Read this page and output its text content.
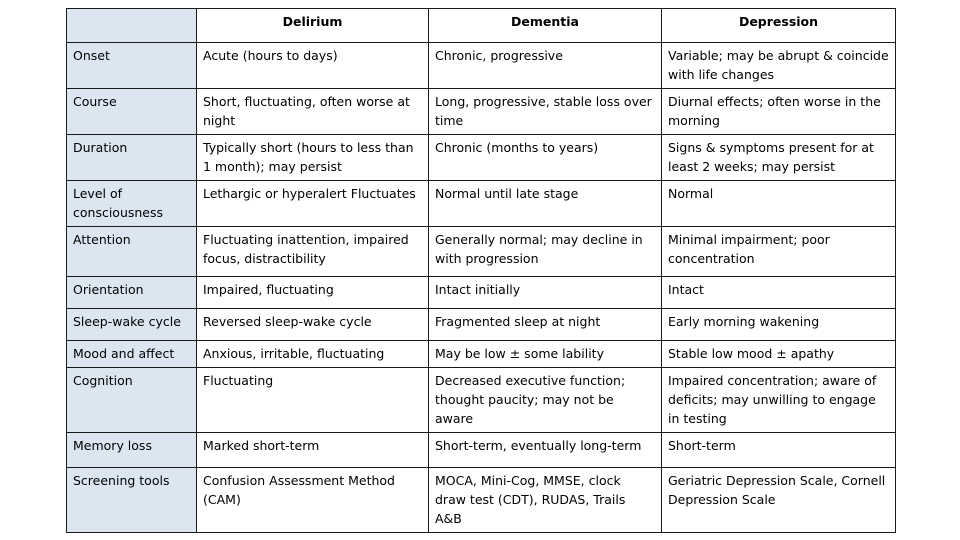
	Delirium	Dementia	Depression
Onset	Acute (hours to days)	Chronic, progressive	Variable; may be abrupt & coincide with life changes
Course	Short, fluctuating, often worse at night	Long, progressive, stable loss over time	Diurnal effects; often worse in the morning
Duration	Typically short (hours to less than 1 month); may persist	Chronic (months to years)	Signs & symptoms present for at least 2 weeks; may persist
Level of consciousness	Lethargic or hyperalert Fluctuates	Normal until late stage	Normal
Attention	Fluctuating inattention, impaired focus, distractibility	Generally normal; may decline in with progression	Minimal impairment; poor concentration
Orientation	Impaired, fluctuating	Intact initially	Intact
Sleep-wake cycle	Reversed sleep-wake cycle	Fragmented sleep at night	Early morning wakening
Mood and affect	Anxious, irritable, fluctuating	May be low ± some lability	Stable low mood ± apathy
Cognition	Fluctuating	Decreased executive function; thought paucity; may not be aware	Impaired concentration; aware of deficits; may unwilling to engage in testing
Memory loss	Marked short-term	Short-term, eventually long-term	Short-term
Screening tools	Confusion Assessment Method (CAM)	MOCA, Mini-Cog, MMSE, clock draw test (CDT), RUDAS, Trails A&B	Geriatric Depression Scale, Cornell Depression Scale
